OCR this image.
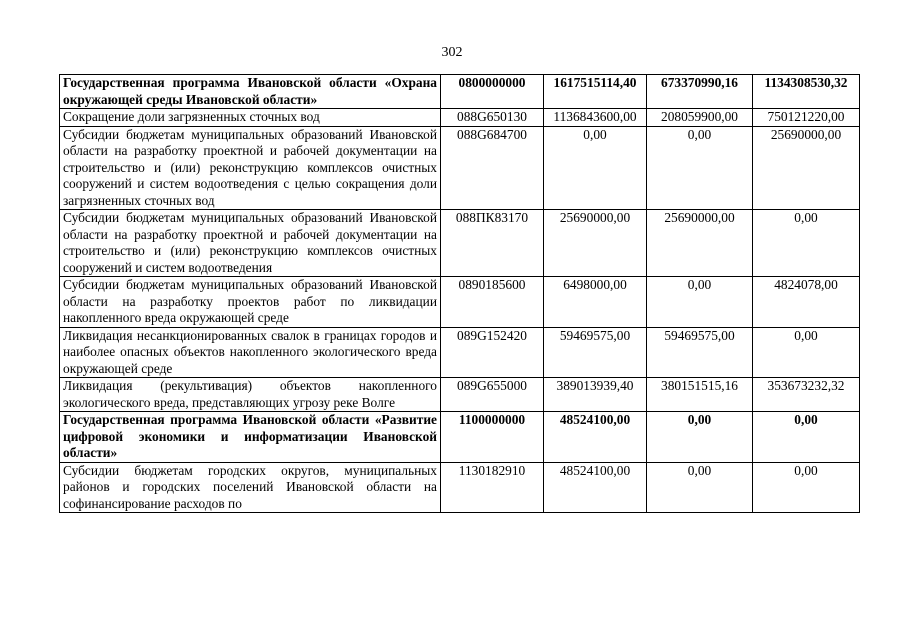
302
Государственная программа Ивановской области «Охрана окружающей среды Ивановской области»	0800000000	1617515114,40	673370990,16	1134308530,32
Сокращение доли загрязненных сточных вод	088G650130	1136843600,00	208059900,00	750121220,00
Субсидии бюджетам муниципальных образований Ивановской области на разработку проектной и рабочей документации на строительство и (или) реконструкцию комплексов очистных сооружений и систем водоотведения с целью сокращения доли загрязненных сточных вод	088G684700	0,00	0,00	25690000,00
Субсидии бюджетам муниципальных образований Ивановской области на разработку проектной и рабочей документации на строительство и (или) реконструкцию комплексов очистных сооружений и систем водоотведения	088ПК83170	25690000,00	25690000,00	0,00
Субсидии бюджетам муниципальных образований Ивановской области на разработку проектов работ по ликвидации накопленного вреда окружающей среде	0890185600	6498000,00	0,00	4824078,00
Ликвидация несанкционированных свалок в границах городов и наиболее опасных объектов накопленного экологического вреда окружающей среде	089G152420	59469575,00	59469575,00	0,00
Ликвидация (рекультивация) объектов накопленного экологического вреда, представляющих угрозу реке Волге	089G655000	389013939,40	380151515,16	353673232,32
Государственная программа Ивановской области «Развитие цифровой экономики и информатизации Ивановской области»	1100000000	48524100,00	0,00	0,00
Субсидии бюджетам городских округов, муниципальных районов и городских поселений Ивановской области на софинансирование расходов по	1130182910	48524100,00	0,00	0,00
